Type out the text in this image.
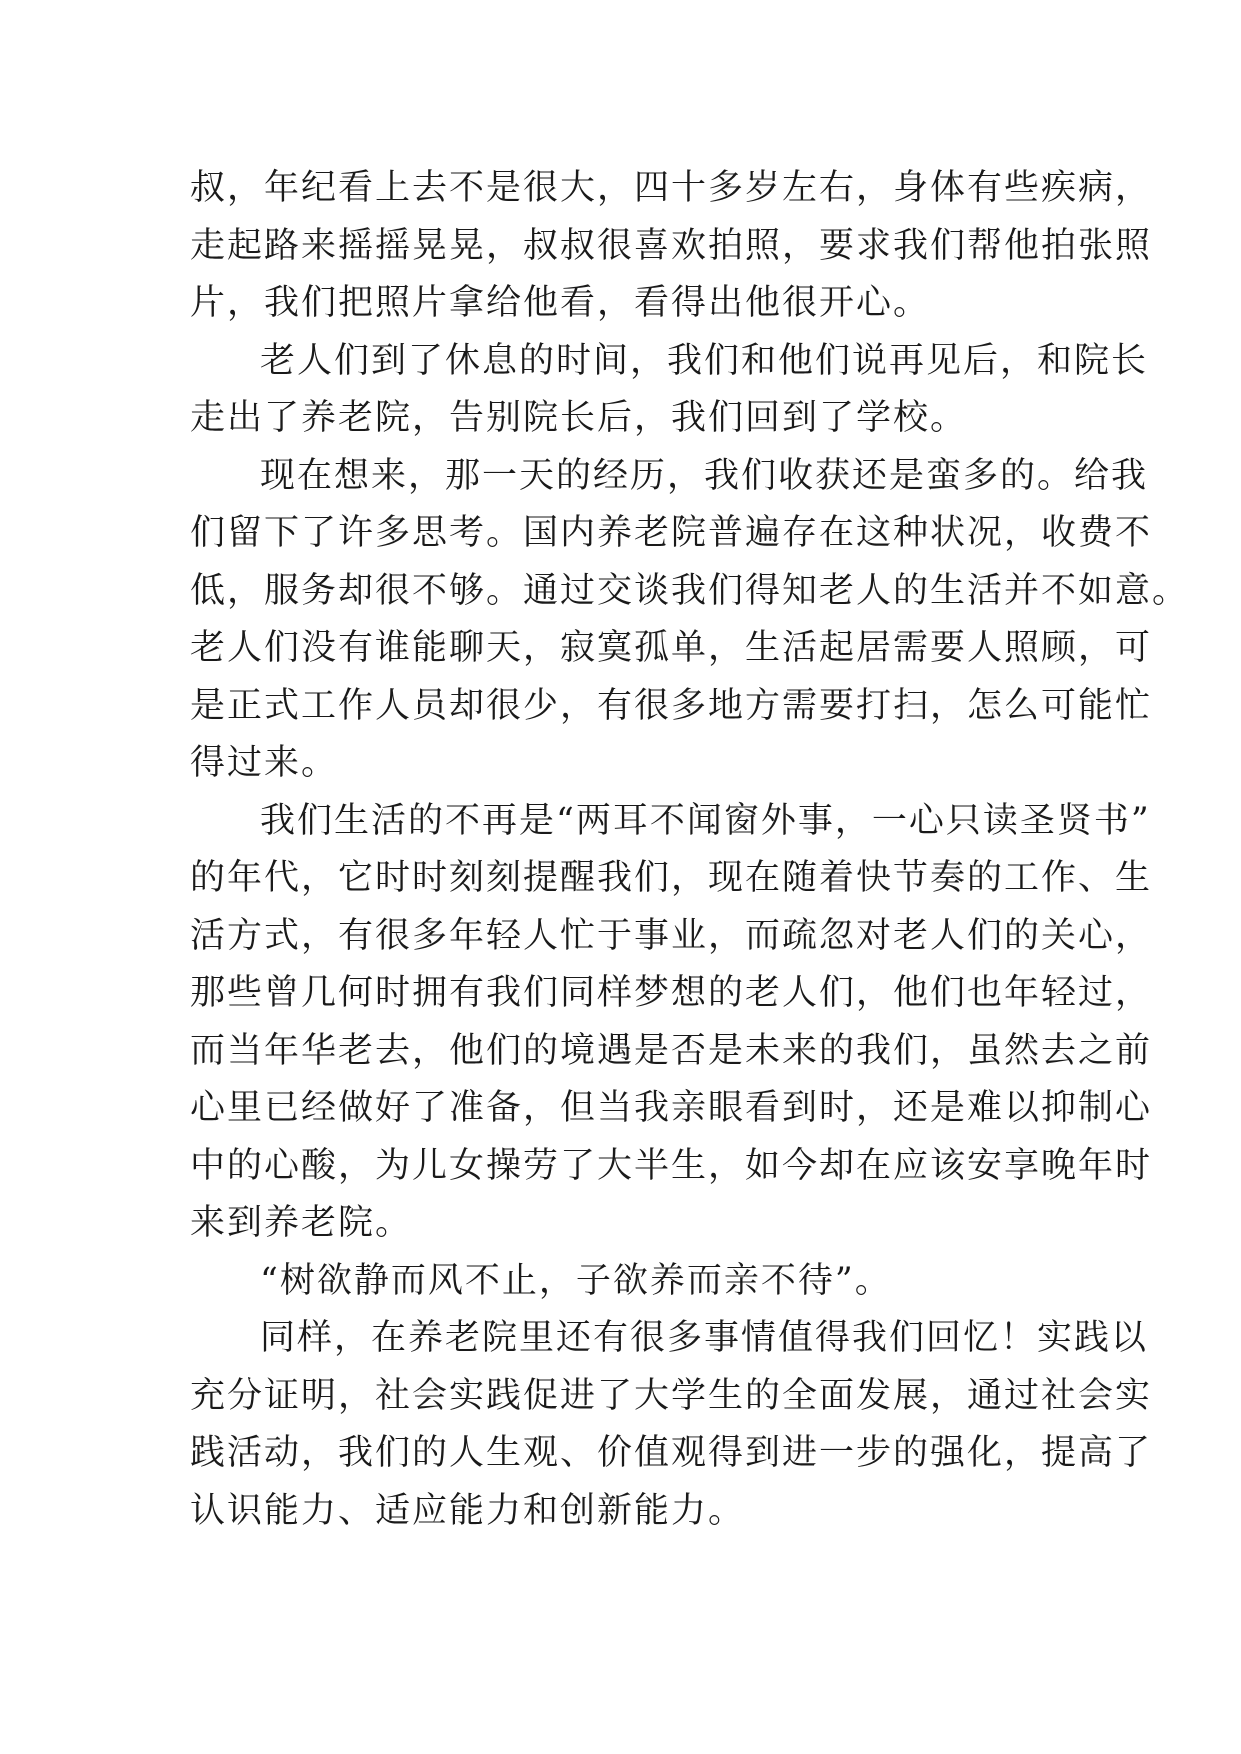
叔，年纪看上去不是很大，四十多岁左右，身体有些疾病，
走起路来摇摇晃晃，叔叔很喜欢拍照，要求我们帮他拍张照
片，我们把照片拿给他看，看得出他很开心。
老人们到了休息的时间，我们和他们说再见后，和院长
走出了养老院，告别院长后，我们回到了学校。
现在想来，那一天的经历，我们收获还是蛮多的。给我
们留下了许多思考。国内养老院普遍存在这种状况，收费不
低，服务却很不够。通过交谈我们得知老人的生活并不如意。
老人们没有谁能聊天，寂寞孤单，生活起居需要人照顾，可
是正式工作人员却很少，有很多地方需要打扫，怎么可能忙
得过来。
我们生活的不再是“两耳不闻窗外事，一心只读圣贤书”
的年代，它时时刻刻提醒我们，现在随着快节奏的工作、生
活方式，有很多年轻人忙于事业，而疏忽对老人们的关心，
那些曾几何时拥有我们同样梦想的老人们，他们也年轻过，
而当年华老去，他们的境遇是否是未来的我们，虽然去之前
心里已经做好了准备，但当我亲眼看到时，还是难以抑制心
中的心酸，为儿女操劳了大半生，如今却在应该安享晚年时
来到养老院。
“树欲静而风不止，子欲养而亲不待”。
同样，在养老院里还有很多事情值得我们回忆！实践以
充分证明，社会实践促进了大学生的全面发展，通过社会实
践活动，我们的人生观、价值观得到进一步的强化，提高了
认识能力、适应能力和创新能力。
